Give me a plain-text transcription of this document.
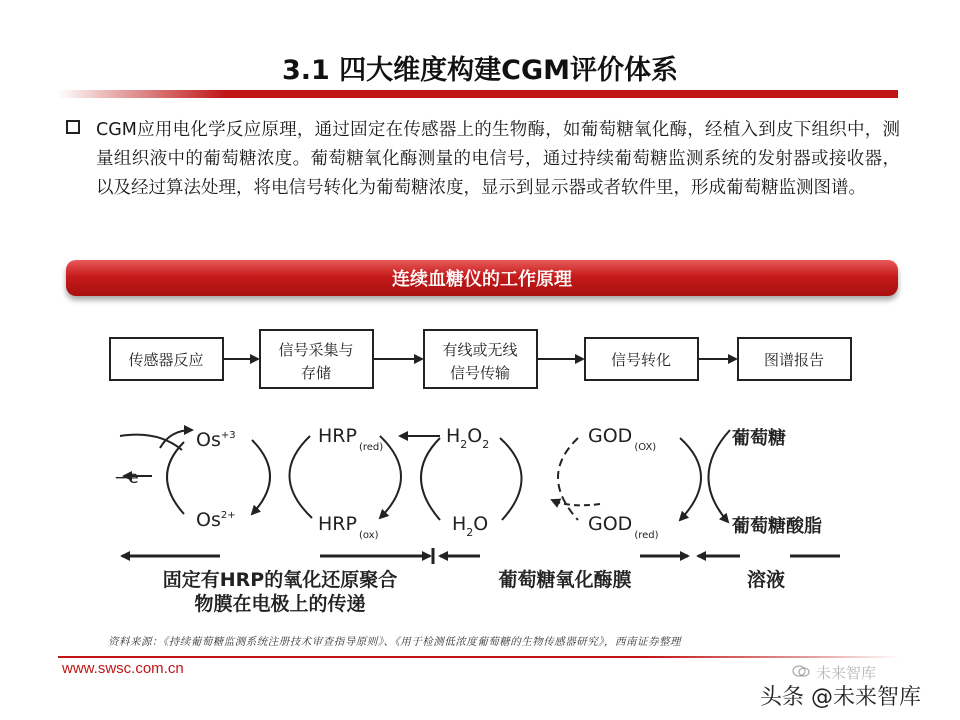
3.1 四大维度构建CGM评价体系
CGM应用电化学反应原理，通过固定在传感器上的生物酶，如葡萄糖氧化酶，经植入到皮下组织中，测量组织液中的葡萄糖浓度。葡萄糖氧化酶测量的电信号，通过持续葡萄糖监测系统的发射器或接收器，以及经过算法处理，将电信号转化为葡萄糖浓度，显示到显示器或者软件里，形成葡萄糖监测图谱。
连续血糖仪的工作原理
传感器反应
信号采集与
存储
有线或无线
信号传输
信号转化	图谱报告
−e
$Os^{+3}$
$Os^{2+}$
$HRP_{(red)}$
$HRP_{(ox)}$
$H_2O_2$
$H_2O$
$GOD_{(OX)}$
$GOD_{(red)}$
葡萄糖
葡萄糖酸脂
固定有HRP的氧化还原聚合
物膜在电极上的传递
葡萄糖氧化酶膜	溶液
资料来源：《持续葡萄糖监测系统注册技术审查指导原则》、《用于检测低浓度葡萄糖的生物传感器研究》，西南证券整理
www.swsc.com.cn	未来智库
头条 @未来智库
